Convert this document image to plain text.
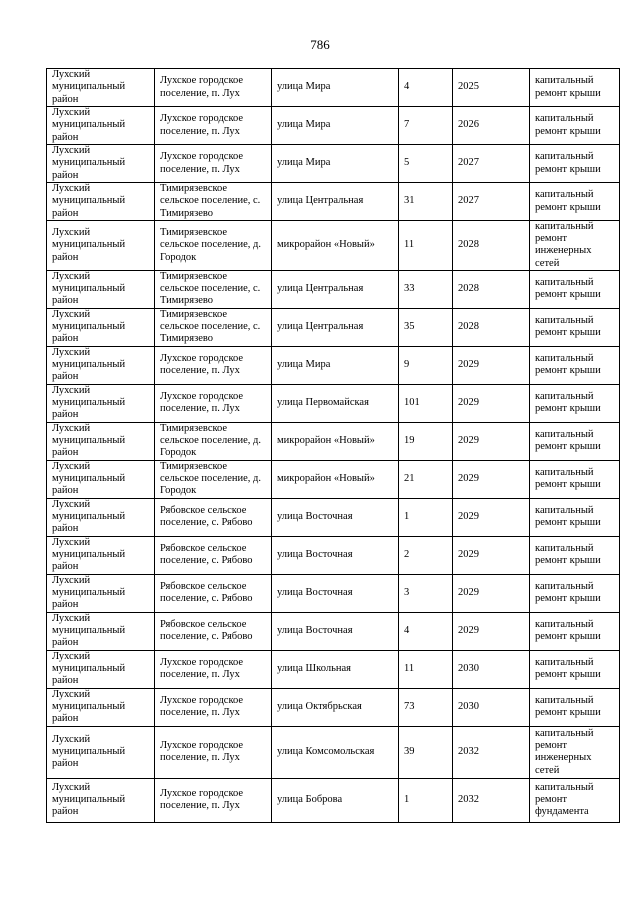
786
Лухский муниципальный район	Лухское городское поселение, п. Лух	улица Мира	4	2025	капитальный ремонт крыши
Лухский муниципальный район	Лухское городское поселение, п. Лух	улица Мира	7	2026	капитальный ремонт крыши
Лухский муниципальный район	Лухское городское поселение, п. Лух	улица Мира	5	2027	капитальный ремонт крыши
Лухский муниципальный район	Тимирязевское сельское поселение, с. Тимирязево	улица Центральная	31	2027	капитальный ремонт крыши
Лухский муниципальный район	Тимирязевское сельское поселение, д. Городок	микрорайон «Новый»	11	2028	капитальный ремонт инженерных сетей
Лухский муниципальный район	Тимирязевское сельское поселение, с. Тимирязево	улица Центральная	33	2028	капитальный ремонт крыши
Лухский муниципальный район	Тимирязевское сельское поселение, с. Тимирязево	улица Центральная	35	2028	капитальный ремонт крыши
Лухский муниципальный район	Лухское городское поселение, п. Лух	улица Мира	9	2029	капитальный ремонт крыши
Лухский муниципальный район	Лухское городское поселение, п. Лух	улица Первомайская	101	2029	капитальный ремонт крыши
Лухский муниципальный район	Тимирязевское сельское поселение, д. Городок	микрорайон «Новый»	19	2029	капитальный ремонт крыши
Лухский муниципальный район	Тимирязевское сельское поселение, д. Городок	микрорайон «Новый»	21	2029	капитальный ремонт крыши
Лухский муниципальный район	Рябовское сельское поселение, с. Рябово	улица Восточная	1	2029	капитальный ремонт крыши
Лухский муниципальный район	Рябовское сельское поселение, с. Рябово	улица Восточная	2	2029	капитальный ремонт крыши
Лухский муниципальный район	Рябовское сельское поселение, с. Рябово	улица Восточная	3	2029	капитальный ремонт крыши
Лухский муниципальный район	Рябовское сельское поселение, с. Рябово	улица Восточная	4	2029	капитальный ремонт крыши
Лухский муниципальный район	Лухское городское поселение, п. Лух	улица Школьная	11	2030	капитальный ремонт крыши
Лухский муниципальный район	Лухское городское поселение, п. Лух	улица Октябрьская	73	2030	капитальный ремонт крыши
Лухский муниципальный район	Лухское городское поселение, п. Лух	улица Комсомольская	39	2032	капитальный ремонт инженерных сетей
Лухский муниципальный район	Лухское городское поселение, п. Лух	улица Боброва	1	2032	капитальный ремонт фундамента
